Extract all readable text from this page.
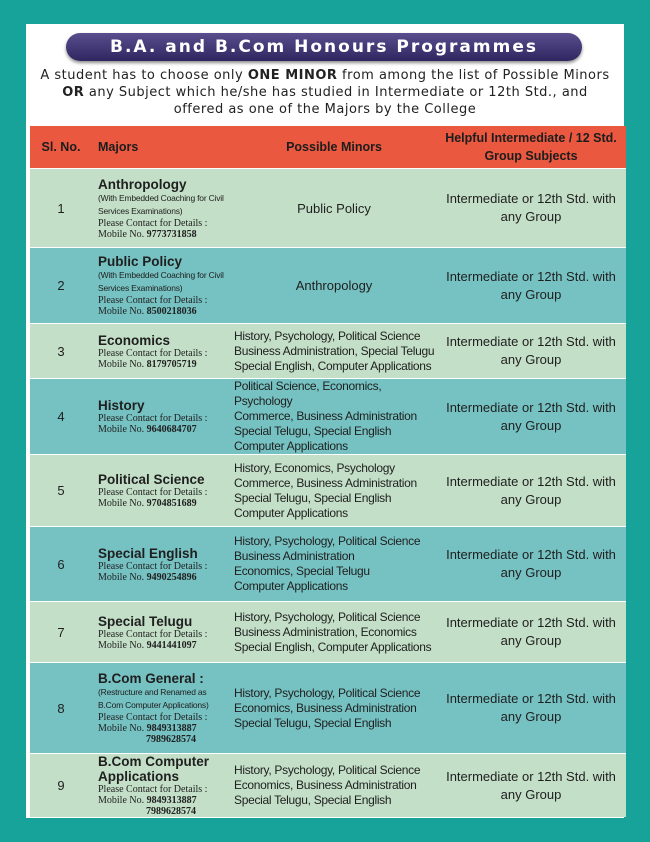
B.A. and B.Com Honours Programmes
A student has to choose only ONE MINOR from among the list of Possible Minors OR any Subject which he/she has studied in Intermediate or 12th Std., and offered as one of the Majors by the College
Sl. No.	Majors	Possible Minors	Helpful Intermediate / 12 Std. Group Subjects
1	Anthropology
(With Embedded Coaching for Civil Services Examinations)
Please Contact for Details :
Mobile No. 9773731858	Public Policy	Intermediate or 12th Std. with any Group
2	Public Policy
(With Embedded Coaching for Civil Services Examinations)
Please Contact for Details :
Mobile No. 8500218036	Anthropology	Intermediate or 12th Std. with any Group
3	Economics
Please Contact for Details :
Mobile No. 8179705719	History, Psychology, Political Science
Business Administration, Special Telugu
Special English, Computer Applications	Intermediate or 12th Std. with any Group
4	History
Please Contact for Details :
Mobile No. 9640684707	Political Science, Economics, Psychology
Commerce, Business Administration
Special Telugu, Special English
Computer Applications	Intermediate or 12th Std. with any Group
5	Political Science
Please Contact for Details :
Mobile No. 9704851689	History, Economics, Psychology
Commerce, Business Administration
Special Telugu, Special English
Computer Applications	Intermediate or 12th Std. with any Group
6	Special English
Please Contact for Details :
Mobile No. 9490254896	History, Psychology, Political Science
Business Administration
Economics, Special Telugu
Computer Applications	Intermediate or 12th Std. with any Group
7	Special Telugu
Please Contact for Details :
Mobile No. 9441441097	History, Psychology, Political Science
Business Administration, Economics
Special English, Computer Applications	Intermediate or 12th Std. with any Group
8	B.Com General :
(Restructure and Renamed as B.Com Computer Applications)
Please Contact for Details :
Mobile No. 9849313887
7989628574	History, Psychology, Political Science
Economics, Business Administration
Special Telugu, Special English	Intermediate or 12th Std. with any Group
9	B.Com Computer Applications
Please Contact for Details :
Mobile No. 9849313887
7989628574	History, Psychology, Political Science
Economics, Business Administration
Special Telugu, Special English	Intermediate or 12th Std. with any Group
